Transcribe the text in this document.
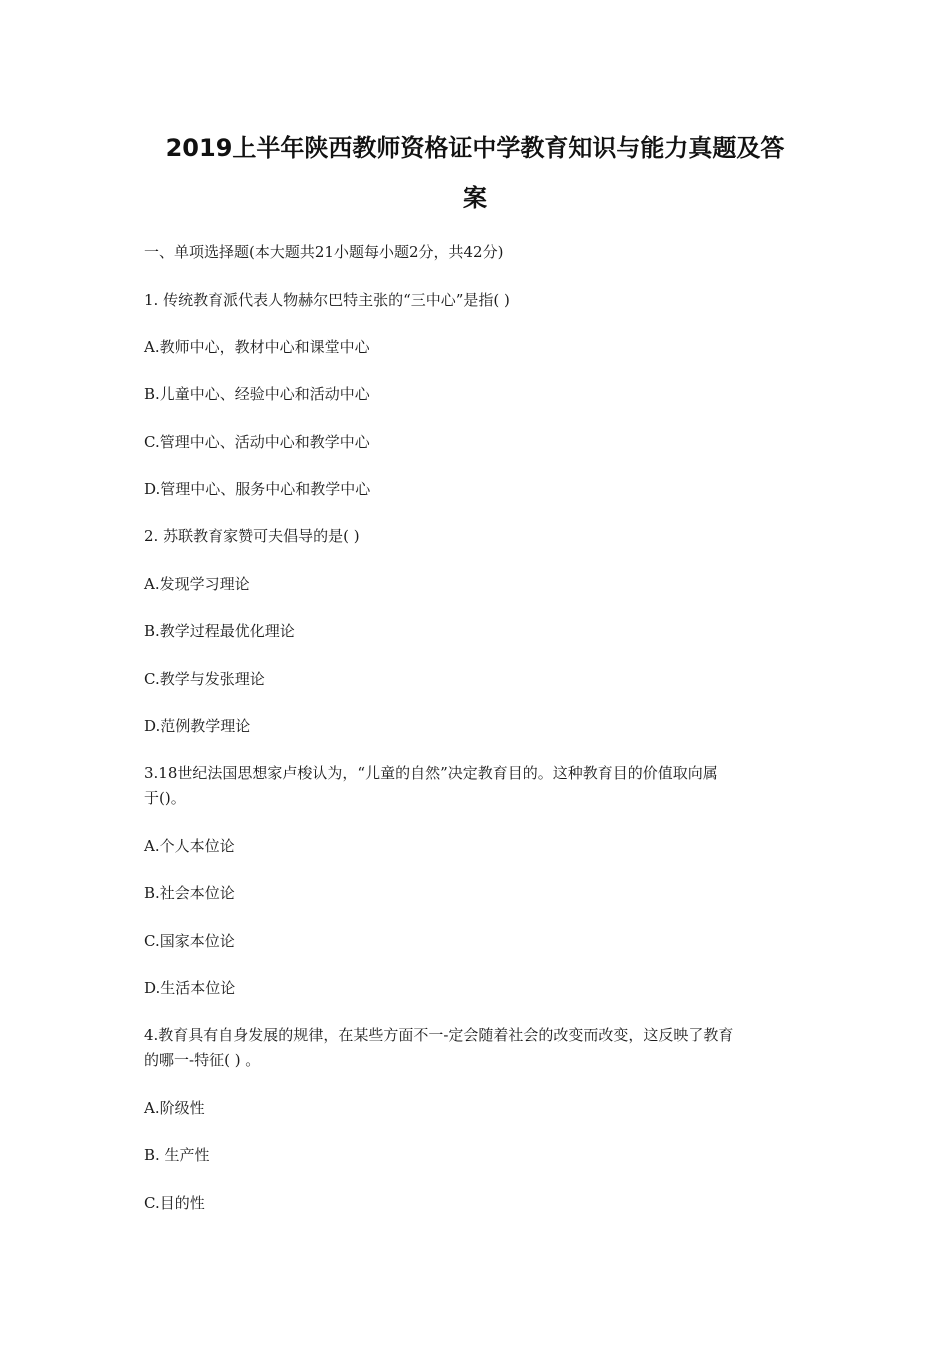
2019上半年陕西教师资格证中学教育知识与能力真题及答
案
一、单项选择题(本大题共21小题每小题2分，共42分)
1. 传统教育派代表人物赫尔巴特主张的“三中心”是指( )
A.教师中心，教材中心和课堂中心
B.儿童中心、经验中心和活动中心
C.管理中心、活动中心和教学中心
D.管理中心、服务中心和教学中心
2. 苏联教育家赞可夫倡导的是( )
A.发现学习理论
B.教学过程最优化理论
C.教学与发张理论
D.范例教学理论
3.18世纪法国思想家卢梭认为，“儿童的自然”决定教育目的。这种教育目的价值取向属
于()。
A.个人本位论
B.社会本位论
C.国家本位论
D.生活本位论
4.教育具有自身发展的规律，在某些方面不一-定会随着社会的改变而改变，这反映了教育
的哪一-特征( ) 。
A.阶级性
B. 生产性
C.目的性
